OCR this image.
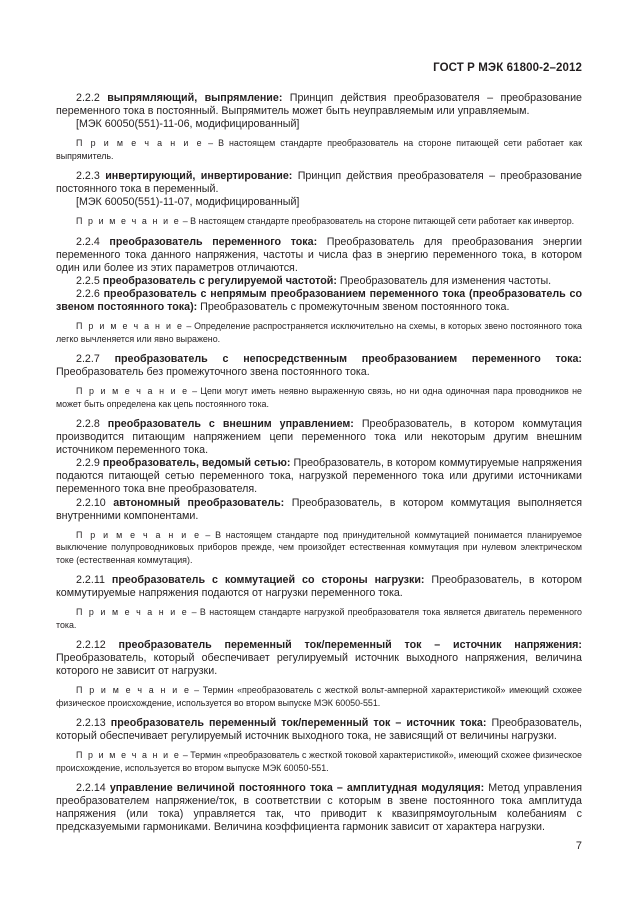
ГОСТ Р МЭК 61800-2–2012

2.2.2 выпрямляющий, выпрямление: Принцип действия преобразователя – преобразование переменного тока в постоянный. Выпрямитель может быть неуправляемым или управляемым.

[МЭК 60050(551)-11-06, модифицированный]

П р и м е ч а н и е – В настоящем стандарте преобразователь на стороне питающей сети работает как выпрямитель.

2.2.3 инвертирующий, инвертирование: Принцип действия преобразователя – преобразование постоянного тока в переменный.

[МЭК 60050(551)-11-07, модифицированный]

П р и м е ч а н и е – В настоящем стандарте преобразователь на стороне питающей сети работает как инвертор.

2.2.4 преобразователь переменного тока: Преобразователь для преобразования энергии переменного тока данного напряжения, частоты и числа фаз в энергию переменного тока, в котором один или более из этих параметров отличаются.

2.2.5 преобразователь с регулируемой частотой: Преобразователь для изменения частоты.

2.2.6 преобразователь с непрямым преобразованием переменного тока (преобразователь со звеном постоянного тока): Преобразователь с промежуточным звеном постоянного тока.

П р и м е ч а н и е – Определение распространяется исключительно на схемы, в которых звено постоянного тока легко вычленяется или явно выражено.

2.2.7 преобразователь с непосредственным преобразованием переменного тока: Преобразователь без промежуточного звена постоянного тока.

П р и м е ч а н и е – Цепи могут иметь неявно выраженную связь, но ни одна одиночная пара проводников не может быть определена как цепь постоянного тока.

2.2.8 преобразователь с внешним управлением: Преобразователь, в котором коммутация производится питающим напряжением цепи переменного тока или некоторым другим внешним источником переменного тока.

2.2.9 преобразователь, ведомый сетью: Преобразователь, в котором коммутируемые напряжения подаются питающей сетью переменного тока, нагрузкой переменного тока или другими источниками переменного тока вне преобразователя.

2.2.10 автономный преобразователь: Преобразователь, в котором коммутация выполняется внутренними компонентами.

П р и м е ч а н и е – В настоящем стандарте под принудительной коммутацией понимается планируемое выключение полупроводниковых приборов прежде, чем произойдет естественная коммутация при нулевом электрическом токе (естественная коммутация).

2.2.11 преобразователь с коммутацией со стороны нагрузки: Преобразователь, в котором коммутируемые напряжения подаются от нагрузки переменного тока.

П р и м е ч а н и е – В настоящем стандарте нагрузкой преобразователя тока является двигатель переменного тока.

2.2.12 преобразователь переменный ток/переменный ток – источник напряжения: Преобразователь, который обеспечивает регулируемый источник выходного напряжения, величина которого не зависит от нагрузки.

П р и м е ч а н и е – Термин «преобразователь с жесткой вольт-амперной характеристикой» имеющий схожее физическое происхождение, используется во втором выпуске МЭК 60050-551.

2.2.13 преобразователь переменный ток/переменный ток – источник тока: Преобразователь, который обеспечивает регулируемый источник выходного тока, не зависящий от величины нагрузки.

П р и м е ч а н и е – Термин «преобразователь с жесткой токовой характеристикой», имеющий схожее физическое происхождение, используется во втором выпуске МЭК 60050-551.

2.2.14 управление величиной постоянного тока – амплитудная модуляция: Метод управления преобразователем напряжение/ток, в соответствии с которым в звене постоянного тока амплитуда напряжения (или тока) управляется так, что приводит к квазипрямоугольным колебаниям с предсказуемыми гармониками. Величина коэффициента гармоник зависит от характера нагрузки.

7
